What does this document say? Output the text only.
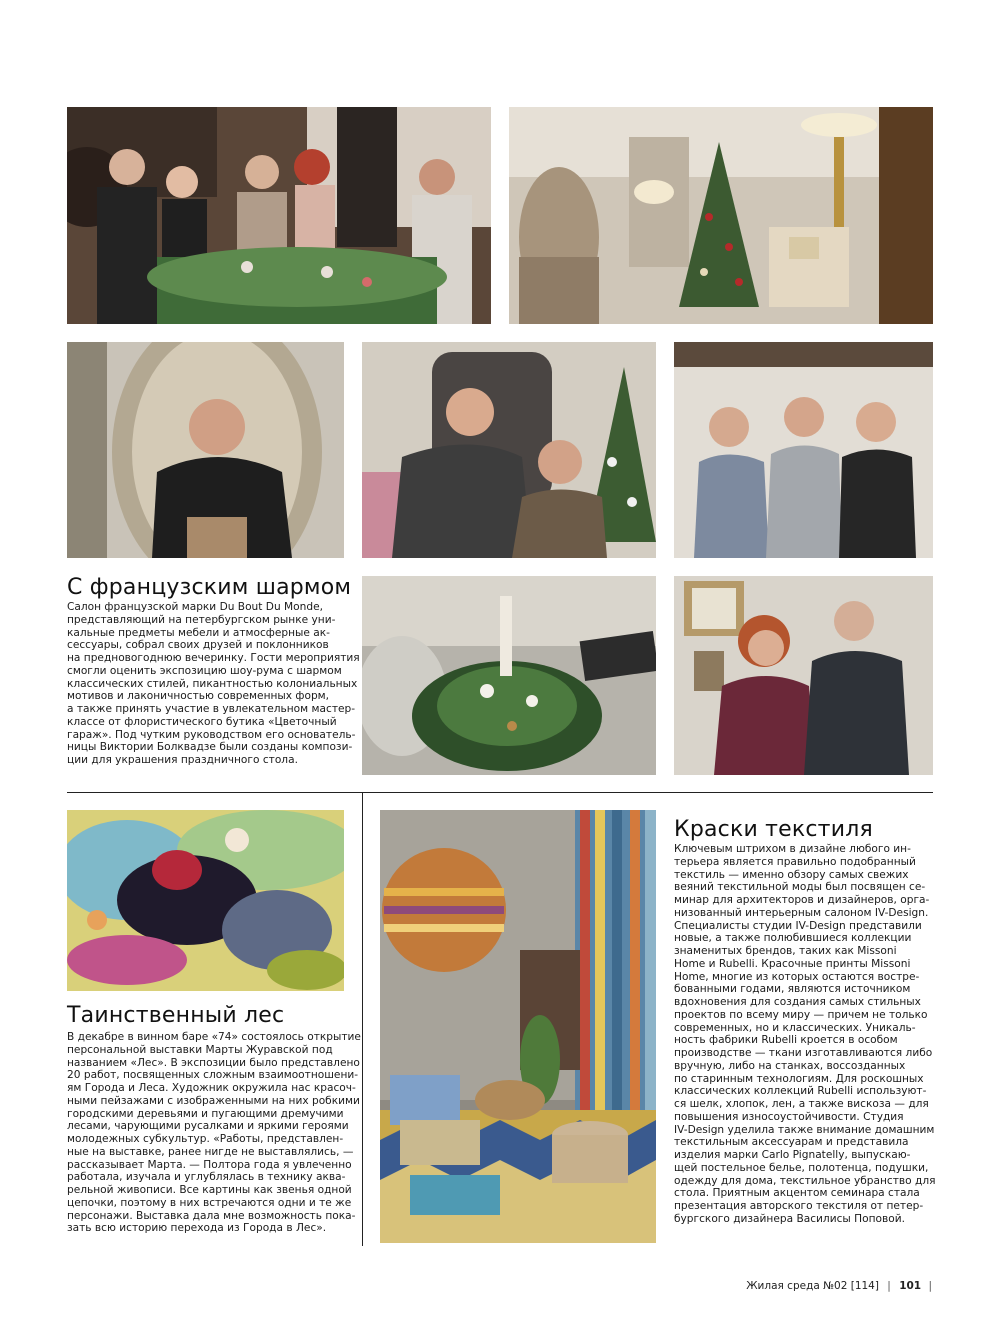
С французским шармом
Салон французской марки Du Bout Du Monde,
представляющий на петербургском рынке уни-
кальные предметы мебели и атмосферные ак-
сессуары, собрал своих друзей и поклонников
на предновогоднюю вечеринку. Гости мероприятия
смогли оценить экспозицию шоу-рума с шармом
классических стилей, пикантностью колониальных
мотивов и лаконичностью современных форм,
а также принять участие в увлекательном мастер-
классе от флористического бутика «Цветочный
гараж». Под чутким руководством его основатель-
ницы Виктории Болквадзе были созданы компози-
ции для украшения праздничного стола.
Таинственный лес
В декабре в винном баре «74» состоялось открытие
персональной выставки Марты Журавской под
названием «Лес». В экспозиции было представлено
20 работ, посвященных сложным взаимоотношени-
ям Города и Леса. Художник окружила нас красоч-
ными пейзажами с изображенными на них робкими
городскими деревьями и пугающими дремучими
лесами, чарующими русалками и яркими героями
молодежных субкультур. «Работы, представлен-
ные на выставке, ранее нигде не выставлялись, —
рассказывает Марта. — Полтора года я увлеченно
работала, изучала и углублялась в технику аква-
рельной живописи. Все картины как звенья одной
цепочки, поэтому в них встречаются одни и те же
персонажи. Выставка дала мне возможность пока-
зать всю историю перехода из Города в Лес».
Краски текстиля
Ключевым штрихом в дизайне любого ин-
терьера является правильно подобранный
текстиль — именно обзору самых свежих
веяний текстильной моды был посвящен се-
минар для архитекторов и дизайнеров, орга-
низованный интерьерным салоном IV-Design.
Специалисты студии IV-Design представили
новые, а также полюбившиеся коллекции
знаменитых брендов, таких как Missoni
Home и Rubelli. Красочные принты Missoni
Home, многие из которых остаются востре-
бованными годами, являются источником
вдохновения для создания самых стильных
проектов по всему миру — причем не только
современных, но и классических. Уникаль-
ность фабрики Rubelli кроется в особом
производстве — ткани изготавливаются либо
вручную, либо на станках, воссозданных
по старинным технологиям. Для роскошных
классических коллекций Rubelli используют-
ся шелк, хлопок, лен, а также вискоза — для
повышения износоустойчивости. Студия
IV-Design уделила также внимание домашним
текстильным аксессуарам и представила
изделия марки Carlo Pignatelly, выпускаю-
щей постельное белье, полотенца, подушки,
одежду для дома, текстильное убранство для
стола. Приятным акцентом семинара стала
презентация авторского текстиля от петер-
бургского дизайнера Василисы Поповой.
Жилая среда №02 [114] | 101 |
